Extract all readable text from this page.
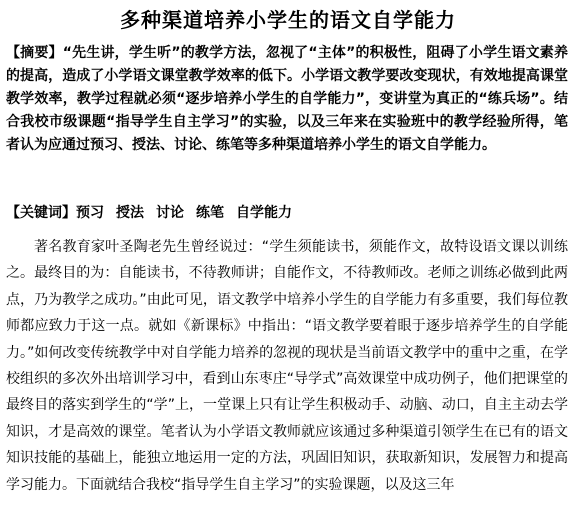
多种渠道培养小学生的语文自学能力

【摘要】“先生讲，学生听”的教学方法，忽视了“主体”的积极性，阻碍了小学生语文素养的提高，造成了小学语文课堂教学效率的低下。小学语文教学要改变现状，有效地提高课堂教学效率，教学过程就必须“逐步培养小学生的自学能力”，变讲堂为真正的“练兵场”。结合我校市级课题“指导学生自主学习”的实验，以及三年来在实验班中的教学经验所得，笔者认为应通过预习、授法、讨论、练笔等多种渠道培养小学生的语文自学能力。

【关键词】预习 授法 讨论 练笔 自学能力

著名教育家叶圣陶老先生曾经说过：“学生须能读书，须能作文，故特设语文课以训练之。最终目的为：自能读书，不待教师讲；自能作文，不待教师改。老师之训练必做到此两点，乃为教学之成功。”由此可见，语文教学中培养小学生的自学能力有多重要，我们每位教师都应致力于这一点。就如《新课标》中指出：“语文教学要着眼于逐步培养学生的自学能力。”如何改变传统教学中对自学能力培养的忽视的现状是当前语文教学中的重中之重，在学校组织的多次外出培训学习中，看到山东枣庄“导学式”高效课堂中成功例子，他们把课堂的最终目的落实到学生的“学”上，一堂课上只有让学生积极动手、动脑、动口，自主主动去学知识，才是高效的课堂。笔者认为小学语文教师就应该通过多种渠道引领学生在已有的语文知识技能的基础上，能独立地运用一定的方法，巩固旧知识，获取新知识，发展智力和提高学习能力。下面就结合我校“指导学生自主学习”的实验课题，以及这三年
